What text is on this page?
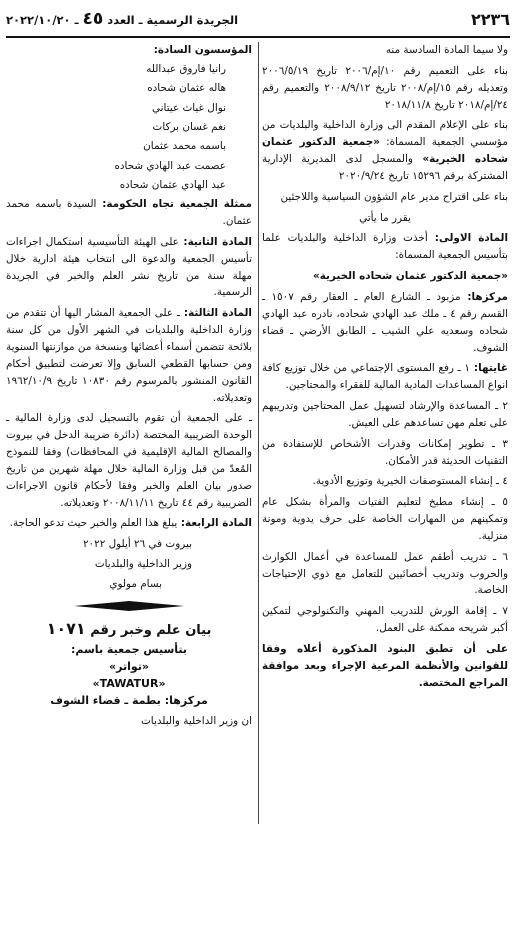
٢٢٣٦
الجريدة الرسمية ـ العدد ٤٥ ـ ٢٠٢٢/١٠/٢٠

ولا سيما المادة السادسة منه

بناء على التعميم رقم ١٠/إم/٢٠٠٦ تاريخ ٢٠٠٦/٥/١٩ وتعديله رقم ١٥/إم/٢٠٠٨ تاريخ ٢٠٠٨/٩/١٢ والتعميم رقم ٢٤/إم/٢٠١٨ تاريخ ٢٠١٨/١١/٨

بناء على الإعلام المقدم الى وزارة الداخلية والبلديات من مؤسسي الجمعية المسماة: «جمعية الدكتور عثمان شحاده الخيرية» والمسجل لدى المديرية الإدارية المشتركة برقم ١٥٢٩٦ تاريخ ٢٠٢٠/٩/٢٤

بناء على اقتراح مدير عام الشؤون السياسية واللاجئين

يقرر ما يأتي

المادة الاولى: أخذت وزارة الداخلية والبلديات علما بتأسيس الجمعية المسماة:

«جمعية الدكتور عثمان شحاده الخيرية»

مركزها: مزبود ـ الشارع العام ـ العقار رقم ١٥٠٧ ـ القسم رقم ٤ ـ ملك عبد الهادي شحاده، نادره عبد الهادي شحاده وسعديه علي الشيب ـ الطابق الأرضي ـ قضاء الشوف.

غايتها: ١ ـ رفع المستوى الإجتماعي من خلال توزيع كافة انواع المساعدات المادية المالية للفقراء والمحتاجين.

٢ ـ المساعدة والإرشاد لتسهيل عمل المحتاجين وتدريبهم على تعلم مهن تساعدهم على العيش.

٣ ـ تطوير إمكانات وقدرات الأشخاص للإستفادة من التقنيات الحديثة قدر الأمكان.

٤ ـ إنشاء المستوصفات الخيرية وتوزيع الأدوية.

٥ ـ إنشاء مطبخ لتعليم الفتيات والمرأة بشكل عام وتمكينهم من المهارات الخاصة على حرف يدوية ومونة منزلية.

٦ ـ تدريب أطقم عمل للمساعدة في أعمال الكوارث والحروب وتدريب أخصائيين للتعامل مع ذوي الإحتياجات الخاصة.

٧ ـ إقامة الورش للتدريب المهني والتكنولوجي لتمكين أكبر شريحه ممكنة على العمل.

على أن تطبق البنود المذكورة أعلاه وفقا للقوانين والأنظمة المرعية الإجراء وبعد موافقة المراجع المختصة.

المؤسسون السادة:

رانيا فاروق عبدالله

هاله عثمان شحاده

نوال غياث عيتاني

نغم غسان بركات

باسمه محمد عثمان

عصمت عبد الهادي شحاده

عبد الهادي عثمان شحاده

ممثلة الجمعية تجاه الحكومة: السيدة باسمه محمد عثمان.

المادة الثانية: على الهيئة التأسيسية استكمال اجراءات تأسيس الجمعية والدعوة الى انتخاب هيئة ادارية خلال مهلة سنة من تاريخ نشر العلم والخبر في الجريدة الرسمية.

المادة الثالثة: ـ على الجمعية المشار اليها أن تتقدم من وزارة الداخلية والبلديات في الشهر الأول من كل سنة بلائحة تتضمن أسماء أعضائها وبنسخة من موازنتها السنوية ومن حسابها القطعي السابق وإلا تعرضت لتطبيق أحكام القانون المنشور بالمرسوم رقم ١٠٨٣٠ تاريخ ١٩٦٢/١٠/٩ وتعديلاته.

ـ على الجمعية أن تقوم بالتسجيل لدى وزارة المالية ـ الوحدة الضريبية المختصة (دائرة ضريبة الدخل في بيروت والمصالح المالية الإقليمية في المحافظات) وفقا للنموذج المُعدّ من قبل وزارة المالية خلال مهلة شهرين من تاريخ صدور بيان العلم والخبر وفقا لأحكام قانون الاجراءات الضريبية رقم ٤٤ تاريخ ٢٠٠٨/١١/١١ وتعديلاته.

المادة الرابعة: يبلغ هذا العلم والخبر حيث تدعو الحاجة.

بيروت في ٢٦ أيلول ٢٠٢٢

وزير الداخلية والبلديات

بسام مولوي

بيان علم وخبر رقم ١٠٧١
بتأسيس جمعية باسم:
«تواتر»
«TAWATUR»
مركزها: بطمة ـ قضاء الشوف

ان وزير الداخلية والبلديات
